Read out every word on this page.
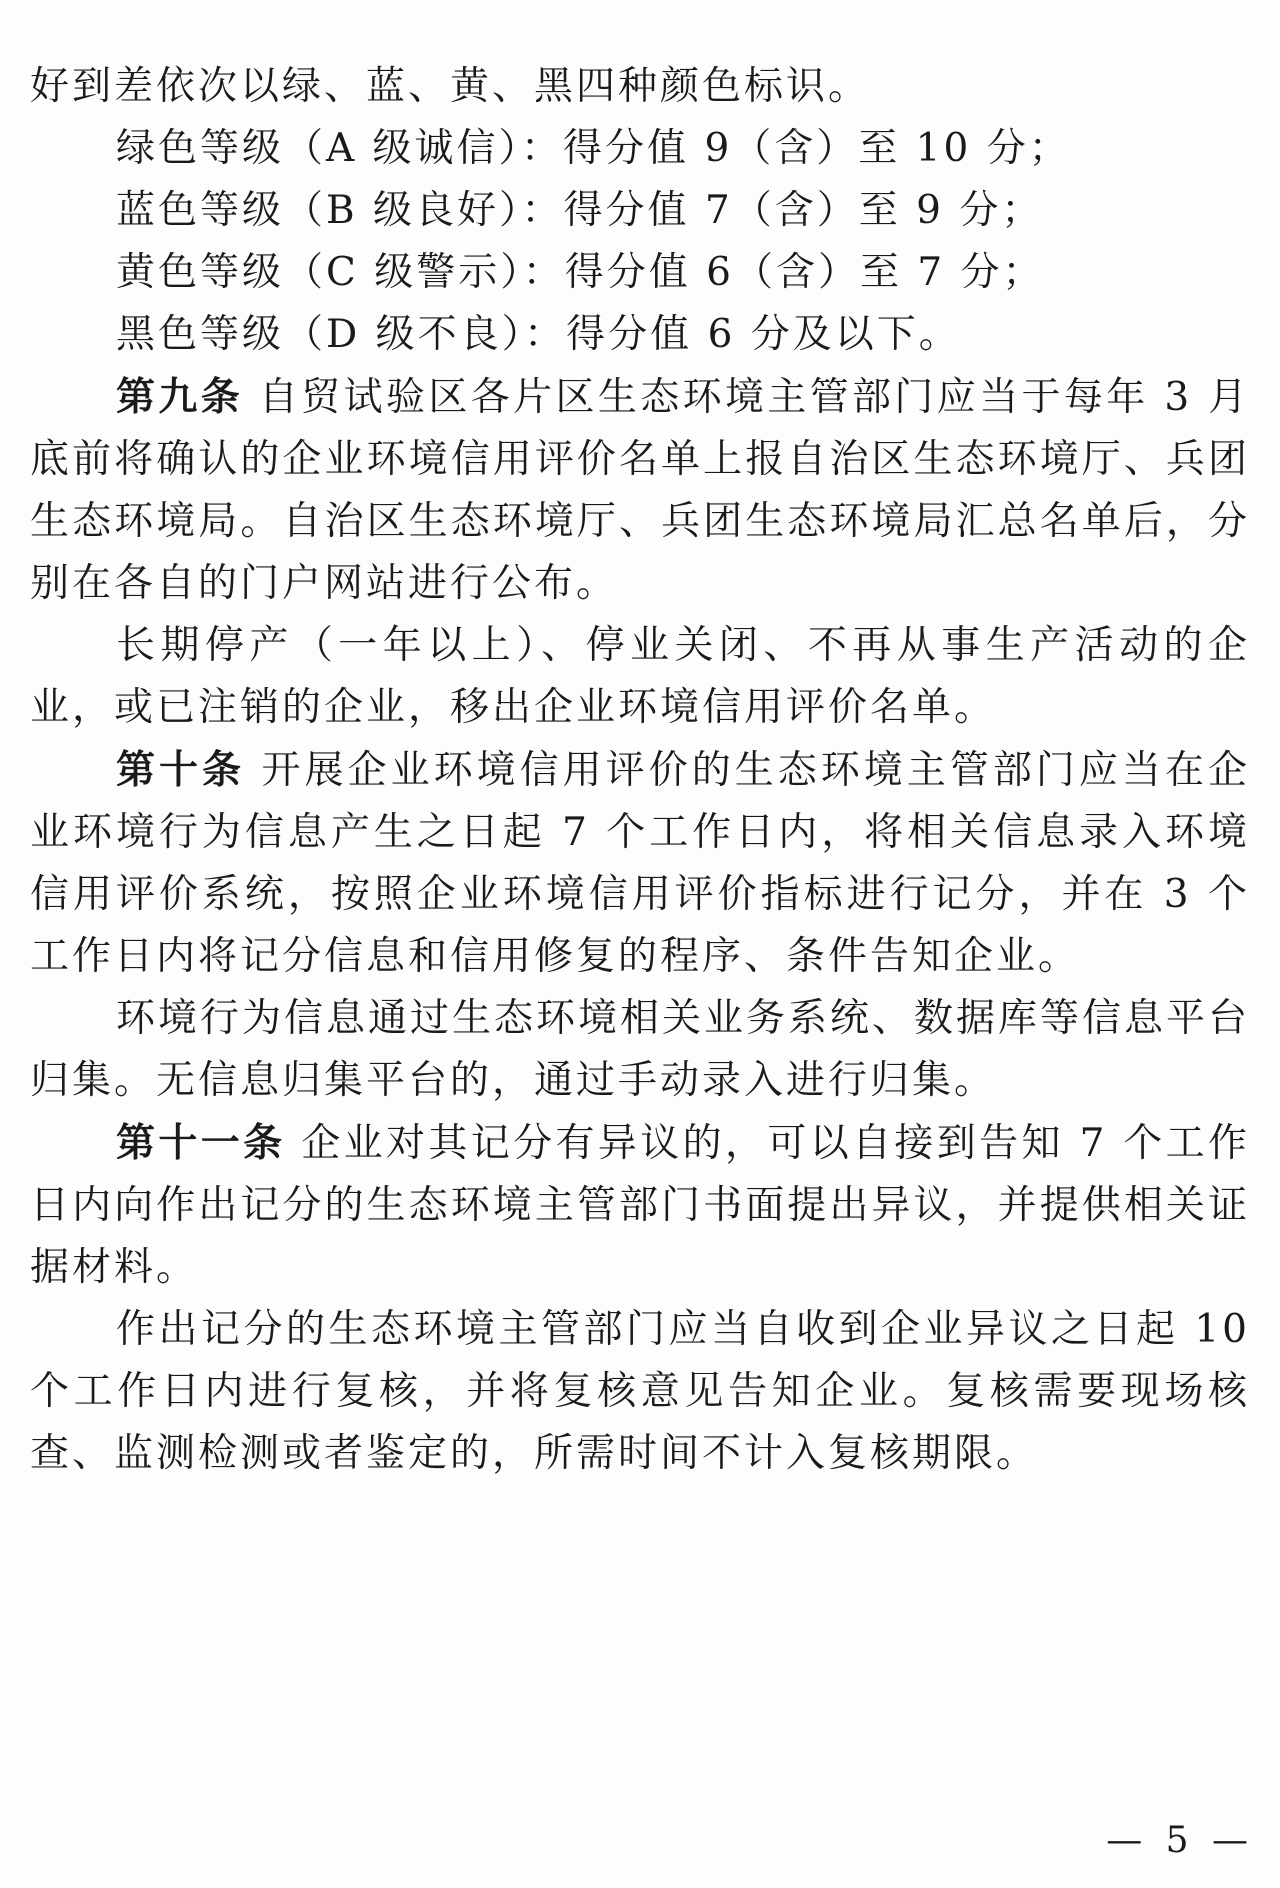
好到差依次以绿、蓝、黄、黑四种颜色标识。

绿色等级（A 级诚信）：得分值 9（含）至 10 分；

蓝色等级（B 级良好）：得分值 7（含）至 9 分；

黄色等级（C 级警示）：得分值 6（含）至 7 分；

黑色等级（D 级不良）：得分值 6 分及以下。

第九条 自贸试验区各片区生态环境主管部门应当于每年 3 月底前将确认的企业环境信用评价名单上报自治区生态环境厅、兵团生态环境局。自治区生态环境厅、兵团生态环境局汇总名单后，分别在各自的门户网站进行公布。

长期停产（一年以上）、停业关闭、不再从事生产活动的企业，或已注销的企业，移出企业环境信用评价名单。

第十条 开展企业环境信用评价的生态环境主管部门应当在企业环境行为信息产生之日起 7 个工作日内，将相关信息录入环境信用评价系统，按照企业环境信用评价指标进行记分，并在 3 个工作日内将记分信息和信用修复的程序、条件告知企业。

环境行为信息通过生态环境相关业务系统、数据库等信息平台归集。无信息归集平台的，通过手动录入进行归集。

第十一条 企业对其记分有异议的，可以自接到告知 7 个工作日内向作出记分的生态环境主管部门书面提出异议，并提供相关证据材料。

作出记分的生态环境主管部门应当自收到企业异议之日起 10 个工作日内进行复核，并将复核意见告知企业。复核需要现场核查、监测检测或者鉴定的，所需时间不计入复核期限。

— 5 —
